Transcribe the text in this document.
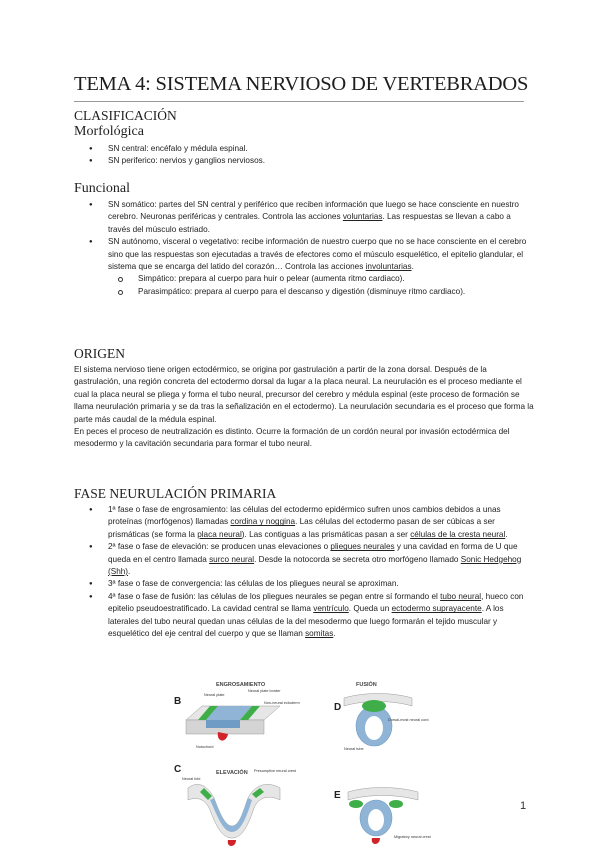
TEMA 4: SISTEMA NERVIOSO DE VERTEBRADOS
CLASIFICACIÓN
Morfológica
● SN central: encéfalo y médula espinal.
● SN periferico: nervios y ganglios nerviosos.
Funcional
● SN somático: partes del SN central y periférico que reciben información que luego se hace consciente en nuestro cerebro. Neuronas periféricas y centrales. Controla las acciones voluntarias. Las respuestas se llevan a cabo a través del músculo estriado.
● SN autónomo, visceral o vegetativo: recibe información de nuestro cuerpo que no se hace consciente en el cerebro sino que las respuestas son ejecutadas a través de efectores como el músculo esquelético, el epitelio glandular, el sistema que se encarga del latido del corazón… Controla las acciones involuntarias.
Simpático: prepara al cuerpo para huir o pelear (aumenta ritmo cardiaco).
Parasimpático: prepara al cuerpo para el descanso y digestión (disminuye ritmo cardiaco).
ORIGEN

El sistema nervioso tiene origen ectodérmico, se origina por gastrulación a partir de la zona dorsal. Después de la gastrulación, una región concreta del ectodermo dorsal da lugar a la placa neural. La neurulación es el proceso mediante el cual la placa neural se pliega y forma el tubo neural, precursor del cerebro y médula espinal (este proceso de formación se llama neurulación primaria y se da tras la señalización en el ectodermo). La neurulación secundaria es el proceso que forma la parte más caudal de la médula espinal.

En peces el proceso de neutralización es distinto. Ocurre la formación de un cordón neural por invasión ectodérmica del mesodermo y la cavitación secundaria para formar el tubo neural.

FASE NEURULACIÓN PRIMARIA
● 1ª fase o fase de engrosamiento: las células del ectodermo epidérmico sufren unos cambios debidos a unas proteínas (morfógenos) llamadas cordina y noggina. Las células del ectodermo pasan de ser cúbicas a ser prismáticas (se forma la placa neural). Las contiguas a las prismáticas pasan a ser células de la cresta neural.
● 2ª fase o fase de elevación: se producen unas elevaciones o pliegues neurales y una cavidad en forma de U que queda en el centro llamada surco neural. Desde la notocorda se secreta otro morfógeno llamado Sonic Hedgehog (Shh).
● 3ª fase o fase de convergencia: las células de los pliegues neural se aproximan.
● 4ª fase o fase de fusión: las células de los pliegues neurales se pegan entre sí formando el tubo neural, hueco con epitelio pseudoestratificado. La cavidad central se llama ventrículo. Queda un ectodermo suprayacente. A los laterales del tubo neural quedan unas células de la del mesodermo que luego formarán el tejido muscular y esquelético del eje central del cuerpo y que se llaman somitas.
ENGROSAMIENTO
B
Neural plate
Neural plate border
Non-neural ectoderm
Notochord
C	ELEVACIÓN
Neural fold
Presumptive neural crest
FUSIÓN
D
Dorsal-most neural cord
Neural tube
E
Migratory neural crest
1
